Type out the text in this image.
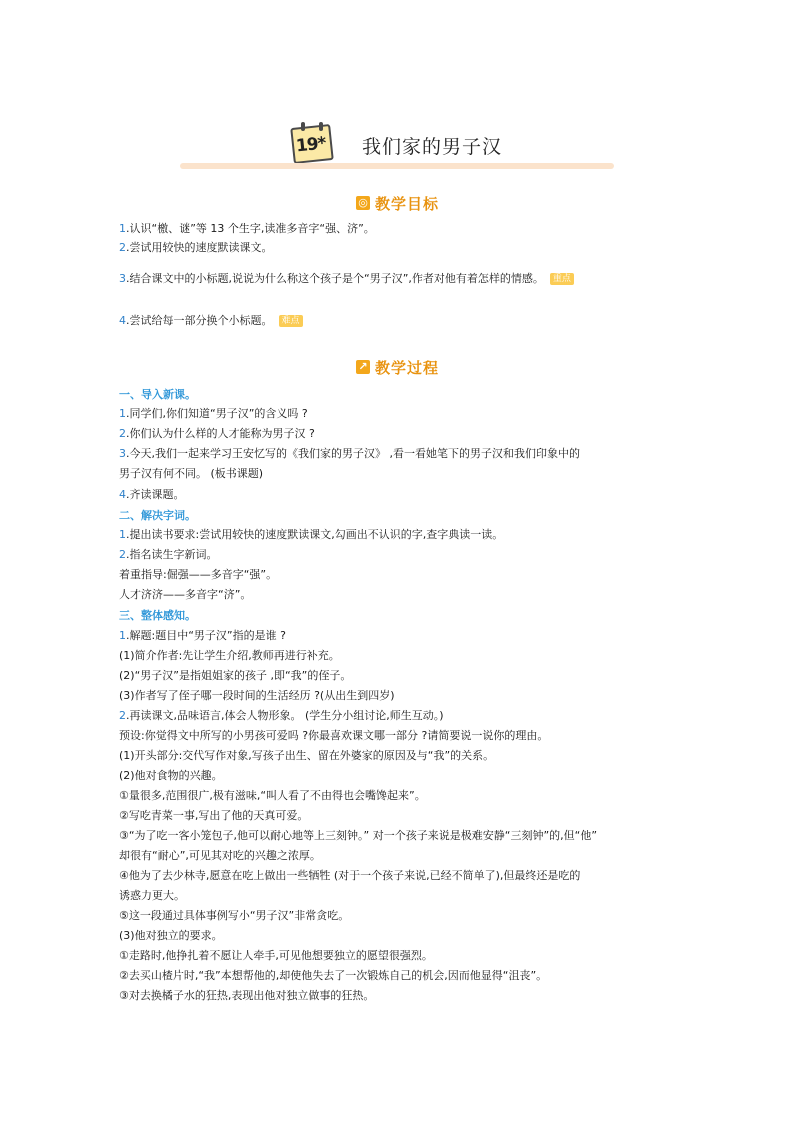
19* 我们家的男子汉
◎ 教学目标
1.认识“檄、谜”等 13 个生字,读准多音字“强、济”。
2.尝试用较快的速度默读课文。
3.结合课文中的小标题,说说为什么称这个孩子是个“男子汉”,作者对他有着怎样的情感。 重点
4.尝试给每一部分换个小标题。 难点
↗ 教学过程
一、导入新课。
1.同学们,你们知道“男子汉”的含义吗 ?
2.你们认为什么样的人才能称为男子汉 ?
3.今天,我们一起来学习王安忆写的《我们家的男子汉》 ,看一看她笔下的男子汉和我们印象中的
男子汉有何不同。 (板书课题)
4.齐读课题。
二、解决字词。
1.提出读书要求:尝试用较快的速度默读课文,勾画出不认识的字,查字典读一读。
2.指名读生字新词。
着重指导:倔强——多音字“强”。
人才济济——多音字“济”。
三、整体感知。
1.解题:题目中“男子汉”指的是谁 ?
(1)简介作者:先让学生介绍,教师再进行补充。
(2)“男子汉”是指姐姐家的孩子 ,即“我”的侄子。
(3)作者写了侄子哪一段时间的生活经历 ?(从出生到四岁)
2.再读课文,品味语言,体会人物形象。 (学生分小组讨论,师生互动。)
预设:你觉得文中所写的小男孩可爱吗 ?你最喜欢课文哪一部分 ?请简要说一说你的理由。
(1)开头部分:交代写作对象,写孩子出生、留在外婆家的原因及与“我”的关系。
(2)他对食物的兴趣。
①量很多,范围很广,极有滋味,“叫人看了不由得也会嘴馋起来”。
②写吃青菜一事,写出了他的天真可爱。
③“为了吃一客小笼包子,他可以耐心地等上三刻钟。” 对一个孩子来说是极难安静“三刻钟”的,但“他”
却很有“耐心”,可见其对吃的兴趣之浓厚。
④他为了去少林寺,愿意在吃上做出一些牺牲 (对于一个孩子来说,已经不简单了),但最终还是吃的
诱惑力更大。
⑤这一段通过具体事例写小“男子汉”非常贪吃。
(3)他对独立的要求。
①走路时,他挣扎着不愿让人牵手,可见他想要独立的愿望很强烈。
②去买山楂片时,“我”本想帮他的,却使他失去了一次锻炼自己的机会,因而他显得“沮丧”。
③对去换橘子水的狂热,表现出他对独立做事的狂热。
